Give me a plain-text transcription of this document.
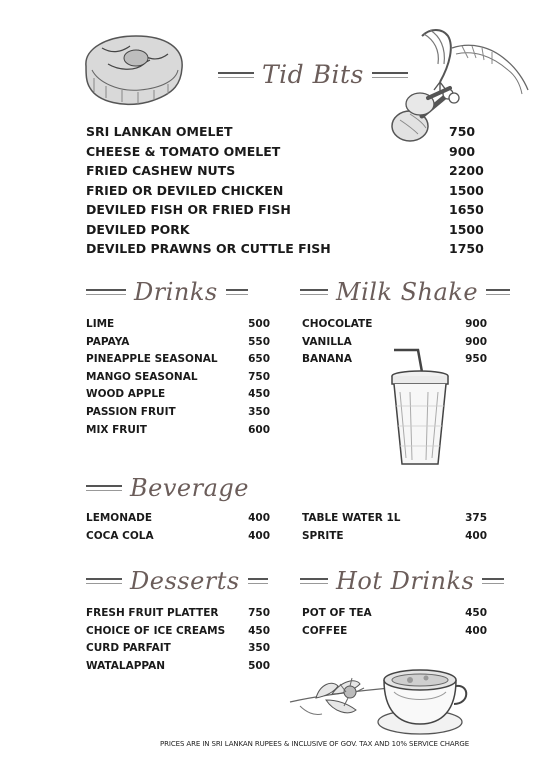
Tid Bits
SRI LANKAN OMELET	750
CHEESE & TOMATO OMELET	900
FRIED CASHEW NUTS	2200
FRIED OR DEVILED CHICKEN	1500
DEVILED FISH OR FRIED FISH	1650
DEVILED PORK	1500
DEVILED PRAWNS OR CUTTLE FISH	1750
Drinks
LIME	500
PAPAYA	550
PINEAPPLE SEASONAL	650
MANGO SEASONAL	750
WOOD APPLE	450
PASSION FRUIT	350
MIX FRUIT	600
Milk Shake
CHOCOLATE	900
VANILLA	900
BANANA	950
Beverage
LEMONADE	400
COCA COLA	400
TABLE WATER 1L	375
SPRITE	400
Desserts
FRESH FRUIT PLATTER	750
CHOICE OF ICE CREAMS 450
CURD PARFAIT	350
WATALAPPAN	500
Hot Drinks
POT OF TEA	450
COFFEE	400
PRICES ARE IN SRI LANKAN RUPEES & INCLUSIVE OF GOV. TAX AND 10% SERVICE CHARGE
